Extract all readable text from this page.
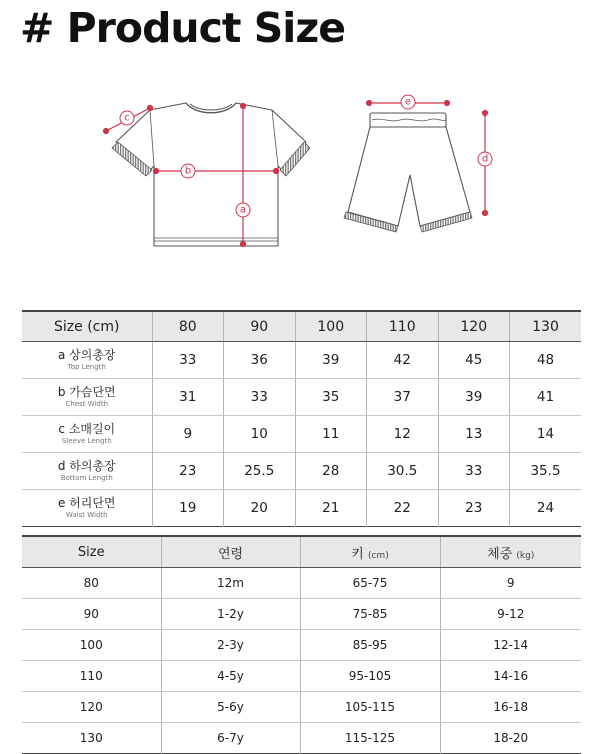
# Product Size
a
b
c
d
e
Size (cm)	80	90	100	110	120	130

a 상의총장
Top Length	33	36	39	42	45	48

b 가슴단면
Chest Width	31	33	35	37	39	41

c 소매길이
Sleeve Length	9	10	11	12	13	14

d 하의총장
Bottom Length	23	25.5	28	30.5	33	35.5

e 허리단면
Waist Width	19	20	21	22	23	24
Size	연령	키 (cm)	체중 (kg)
80	12m	65-75	9
90	1-2y	75-85	9-12
100	2-3y	85-95	12-14
110	4-5y	95-105	14-16
120	5-6y	105-115	16-18
130	6-7y	115-125	18-20
